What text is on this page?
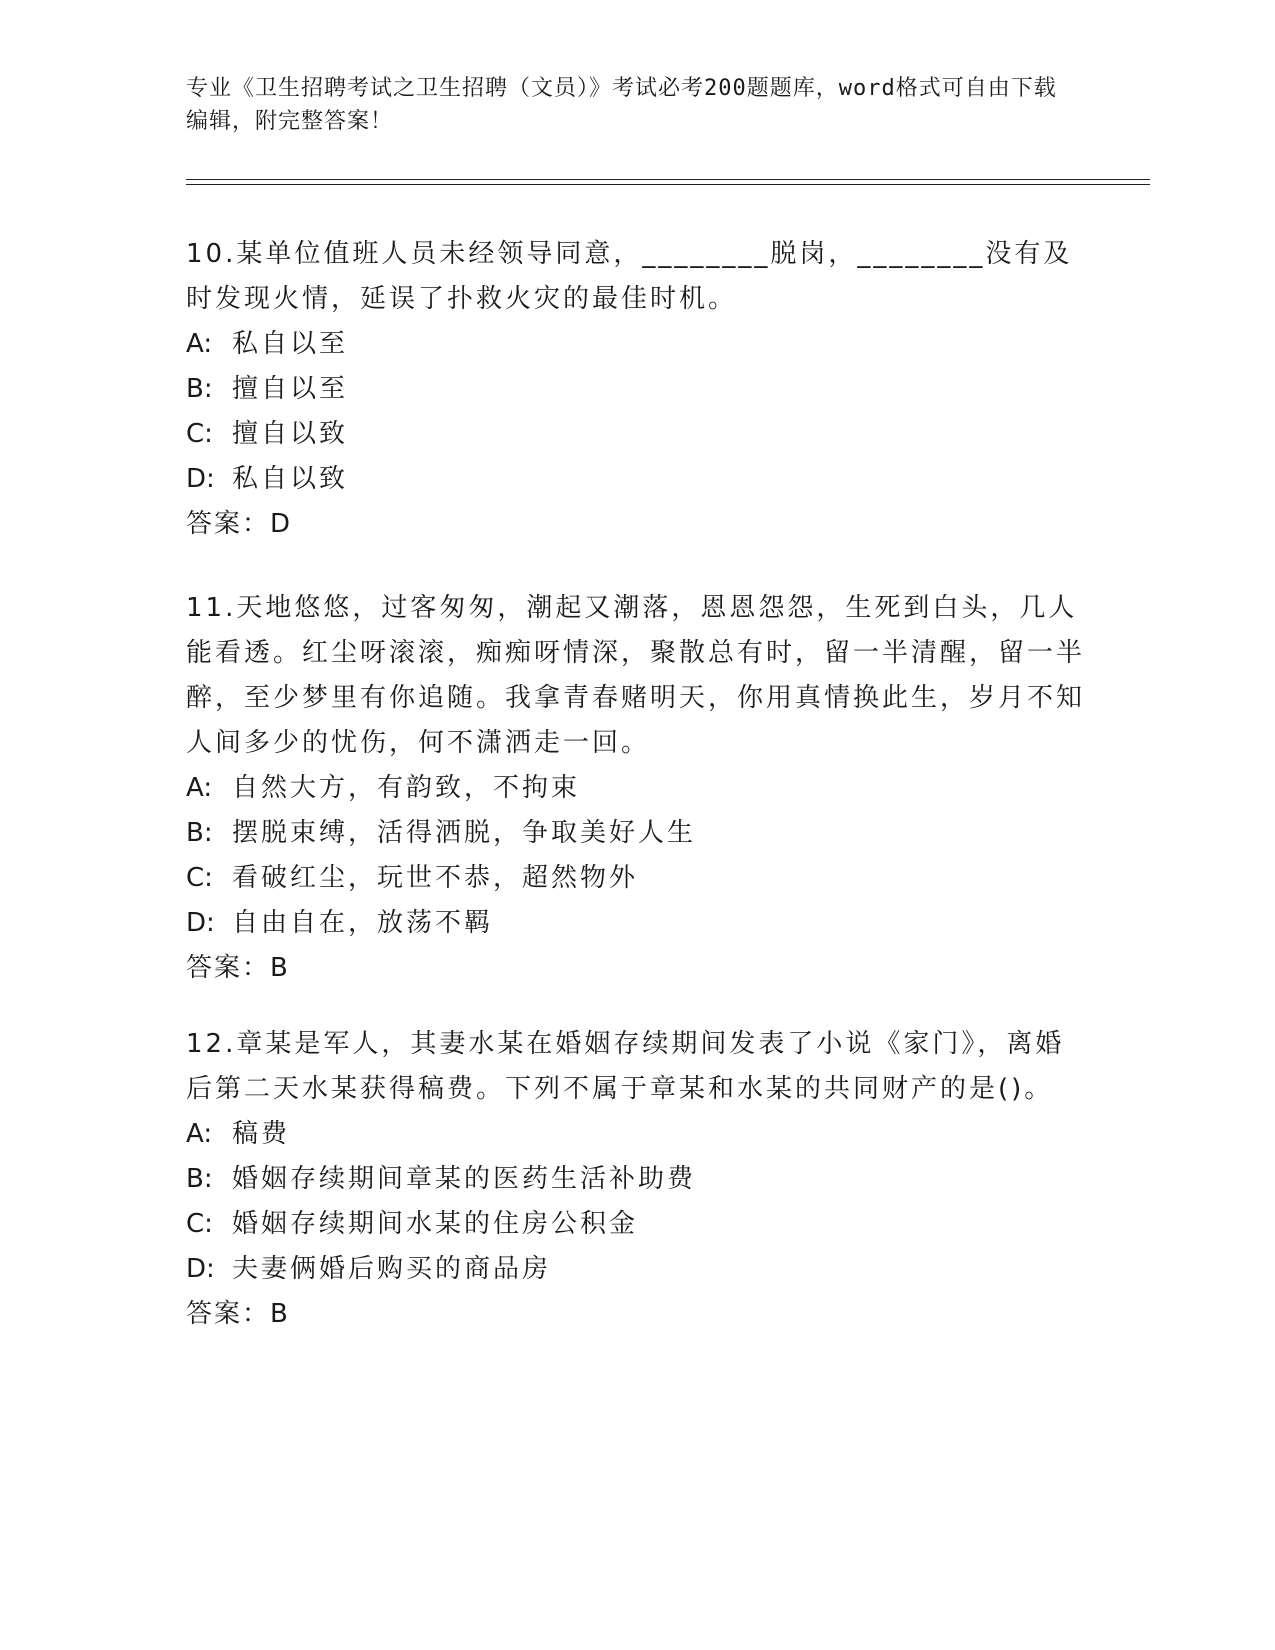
专业《卫生招聘考试之卫生招聘（文员）》考试必考200题题库，word格式可自由下载编辑，附完整答案！

10.某单位值班人员未经领导同意，________脱岗，________没有及时发现火情，延误了扑救火灾的最佳时机。

A: 私自以至

B: 擅自以至

C: 擅自以致

D: 私自以致

答案：D

11.天地悠悠，过客匆匆，潮起又潮落，恩恩怨怨，生死到白头，几人能看透。红尘呀滚滚，痴痴呀情深，聚散总有时，留一半清醒，留一半醉，至少梦里有你追随。我拿青春赌明天，你用真情换此生，岁月不知人间多少的忧伤，何不潇洒走一回。

A: 自然大方，有韵致，不拘束

B: 摆脱束缚，活得洒脱，争取美好人生

C: 看破红尘，玩世不恭，超然物外

D: 自由自在，放荡不羁

答案：B

12.章某是军人，其妻水某在婚姻存续期间发表了小说《家门》，离婚后第二天水某获得稿费。下列不属于章某和水某的共同财产的是()。

A: 稿费

B: 婚姻存续期间章某的医药生活补助费

C: 婚姻存续期间水某的住房公积金

D: 夫妻俩婚后购买的商品房

答案：B
